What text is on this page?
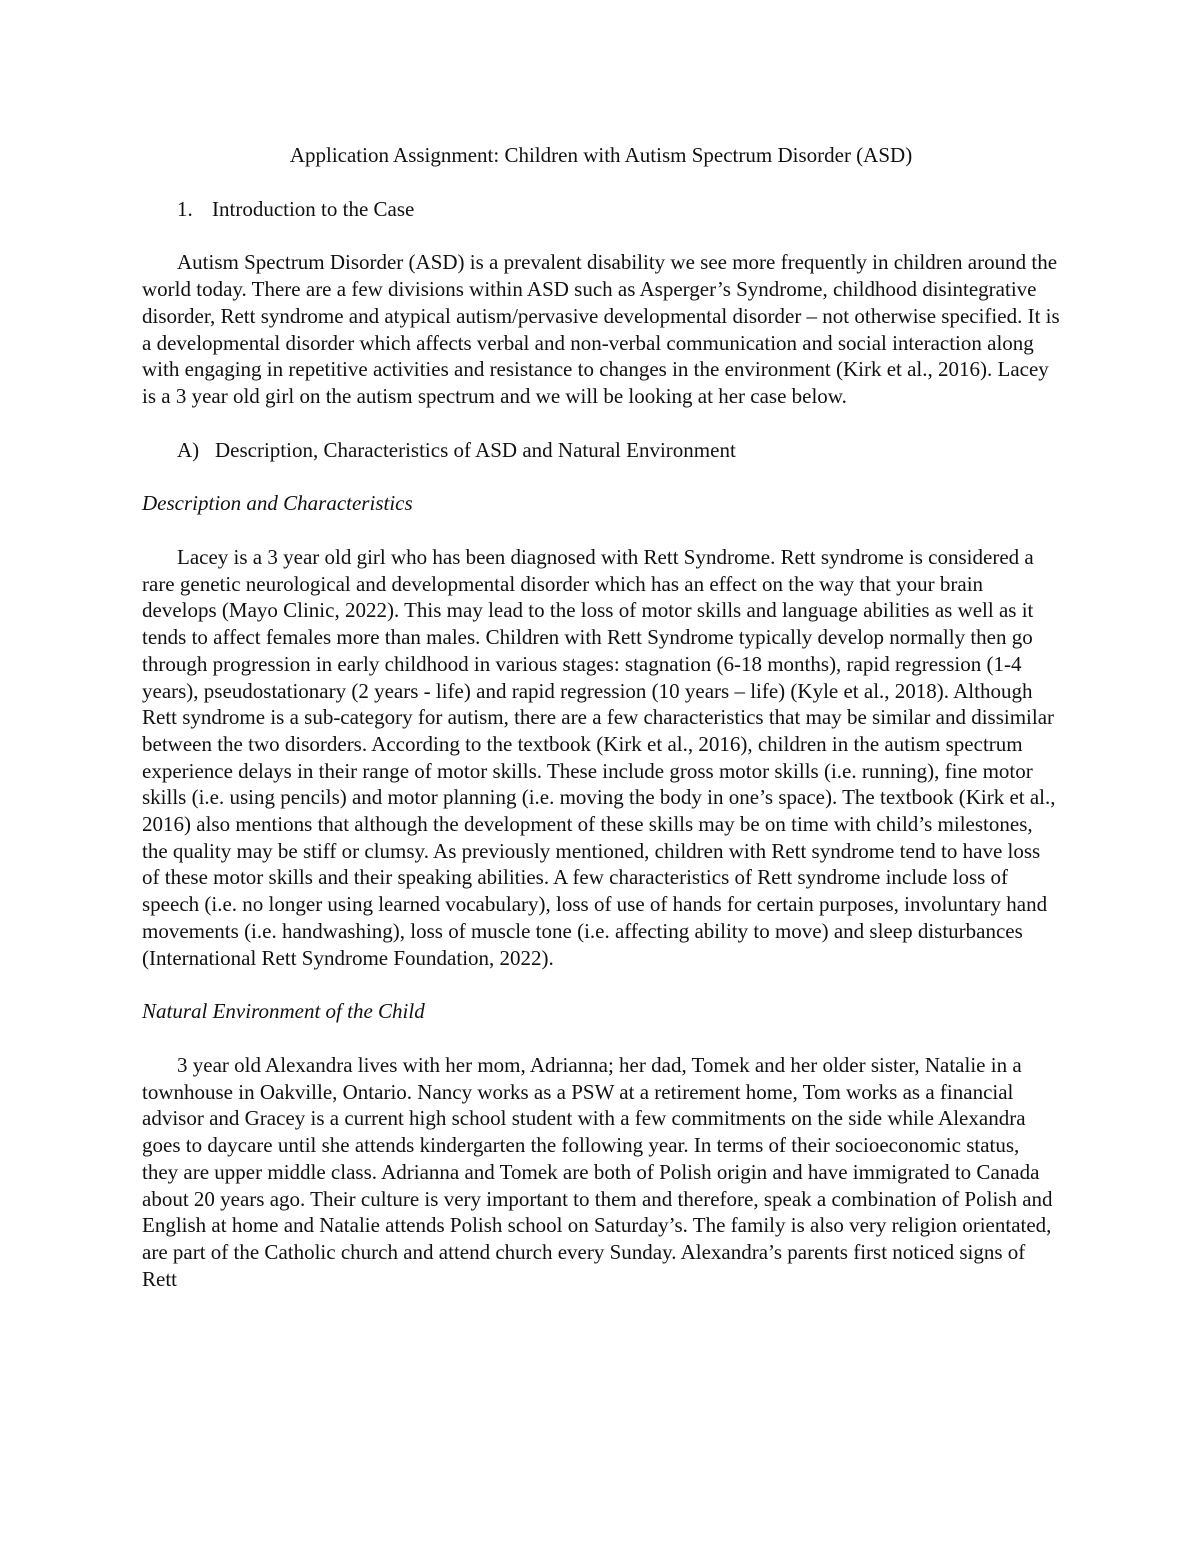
Application Assignment: Children with Autism Spectrum Disorder (ASD)

1. Introduction to the Case

Autism Spectrum Disorder (ASD) is a prevalent disability we see more frequently in children around the world today. There are a few divisions within ASD such as Asperger’s Syndrome, childhood disintegrative disorder, Rett syndrome and atypical autism/pervasive developmental disorder – not otherwise specified. It is a developmental disorder which affects verbal and non-verbal communication and social interaction along with engaging in repetitive activities and resistance to changes in the environment (Kirk et al., 2016). Lacey is a 3 year old girl on the autism spectrum and we will be looking at her case below.

A) Description, Characteristics of ASD and Natural Environment

Description and Characteristics

Lacey is a 3 year old girl who has been diagnosed with Rett Syndrome. Rett syndrome is considered a rare genetic neurological and developmental disorder which has an effect on the way that your brain develops (Mayo Clinic, 2022). This may lead to the loss of motor skills and language abilities as well as it tends to affect females more than males. Children with Rett Syndrome typically develop normally then go through progression in early childhood in various stages: stagnation (6-18 months), rapid regression (1-4 years), pseudostationary (2 years - life) and rapid regression (10 years – life) (Kyle et al., 2018). Although Rett syndrome is a sub-category for autism, there are a few characteristics that may be similar and dissimilar between the two disorders. According to the textbook (Kirk et al., 2016), children in the autism spectrum experience delays in their range of motor skills. These include gross motor skills (i.e. running), fine motor skills (i.e. using pencils) and motor planning (i.e. moving the body in one’s space). The textbook (Kirk et al., 2016) also mentions that although the development of these skills may be on time with child’s milestones, the quality may be stiff or clumsy. As previously mentioned, children with Rett syndrome tend to have loss of these motor skills and their speaking abilities. A few characteristics of Rett syndrome include loss of speech (i.e. no longer using learned vocabulary), loss of use of hands for certain purposes, involuntary hand movements (i.e. handwashing), loss of muscle tone (i.e. affecting ability to move) and sleep disturbances (International Rett Syndrome Foundation, 2022).

Natural Environment of the Child

3 year old Alexandra lives with her mom, Adrianna; her dad, Tomek and her older sister, Natalie in a townhouse in Oakville, Ontario. Nancy works as a PSW at a retirement home, Tom works as a financial advisor and Gracey is a current high school student with a few commitments on the side while Alexandra goes to daycare until she attends kindergarten the following year. In terms of their socioeconomic status, they are upper middle class. Adrianna and Tomek are both of Polish origin and have immigrated to Canada about 20 years ago. Their culture is very important to them and therefore, speak a combination of Polish and English at home and Natalie attends Polish school on Saturday’s. The family is also very religion orientated, are part of the Catholic church and attend church every Sunday. Alexandra’s parents first noticed signs of Rett
